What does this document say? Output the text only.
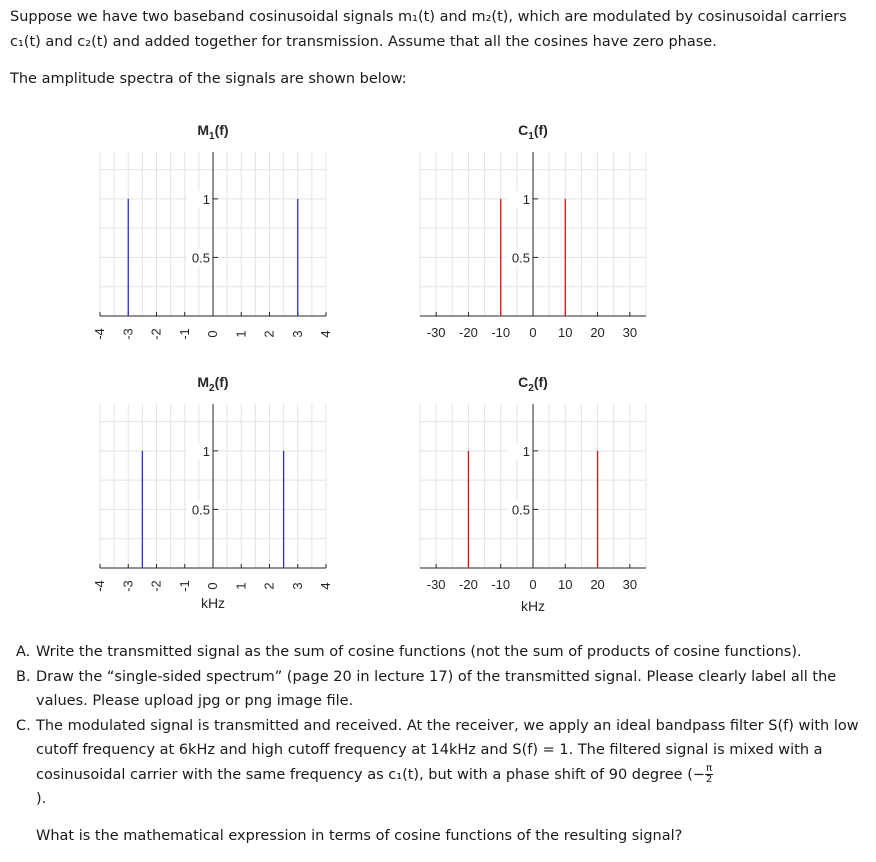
Suppose we have two baseband cosinusoidal signals m₁(t) and m₂(t), which are modulated by cosinusoidal carriers
c₁(t) and c₂(t) and added together for transmission. Assume that all the cosines have zero phase.
The amplitude spectra of the signals are shown below:
$M_1(f)$
-4 -3 -2 -1 0 1 2 3 4
0.5
1
$C_1(f)$
-30 -20 -10 0 10 20 30
0.5
1
$M_2(f)$
-4 -3 -2 -1 0 1 2 3 4
0.5
1
kHz
$C_2(f)$
-30 -20 -10 0 10 20 30
0.5
1
kHz
A. Write the transmitted signal as the sum of cosine functions (not the sum of products of cosine functions).
B. Draw the “single-sided spectrum” (page 20 in lecture 17) of the transmitted signal. Please clearly label all the values. Please upload jpg or png image file.
C. The modulated signal is transmitted and received. At the receiver, we apply an ideal bandpass filter S(f) with low cutoff frequency at 6kHz and high cutoff frequency at 14kHz and S(f) = 1. The filtered signal is mixed with a cosinusoidal carrier with the same frequency as c₁(t), but with a phase shift of 90 degree (− $\frac{\pi}{2}$

).
What is the mathematical expression in terms of cosine functions of the resulting signal?
